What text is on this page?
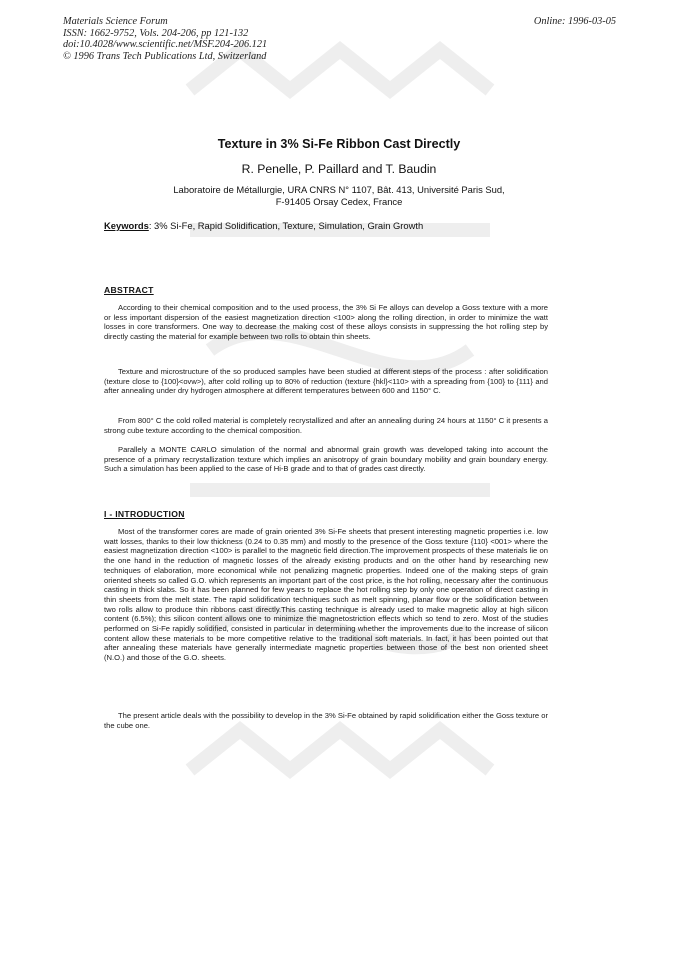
Materials Science Forum
ISSN: 1662-9752, Vols. 204-206, pp 121-132
doi:10.4028/www.scientific.net/MSF.204-206.121
© 1996 Trans Tech Publications Ltd, Switzerland
Online: 1996-03-05
Texture in 3% Si-Fe Ribbon Cast Directly
R. Penelle, P. Paillard and T. Baudin
Laboratoire de Métallurgie, URA CNRS N° 1107, Bât. 413, Université Paris Sud,
F-91405 Orsay Cedex, France
Keywords: 3% Si-Fe, Rapid Solidification, Texture, Simulation, Grain Growth
ABSTRACT
According to their chemical composition and to the used process, the 3% Si Fe alloys can develop a Goss texture with a more or less important dispersion of the easiest magnetization direction <100> along the rolling direction, in order to minimize the watt losses in core transformers. One way to decrease the making cost of these alloys consists in suppressing the hot rolling step by directly casting the material for example between two rolls to obtain thin sheets.
Texture and microstructure of the so produced samples have been studied at different steps of the process : after solidification (texture close to {100}<ovw>), after cold rolling up to 80% of reduction (texture {hkl}<110> with a spreading from {100} to {111} and after annealing under dry hydrogen atmosphere at different temperatures between 600 and 1150° C.
From 800° C the cold rolled material is completely recrystallized and after an annealing during 24 hours at 1150° C it presents a strong cube texture according to the chemical composition.
Parallely a MONTE CARLO simulation of the normal and abnormal grain growth was developed taking into account the presence of a primary recrystallization texture which implies an anisotropy of grain boundary mobility and grain boundary energy. Such a simulation has been applied to the case of Hi-B grade and to that of grades cast directly.
I - INTRODUCTION
Most of the transformer cores are made of grain oriented 3% Si-Fe sheets that present interesting magnetic properties i.e. low watt losses, thanks to their low thickness (0.24 to 0.35 mm) and mostly to the presence of the Goss texture {110} <001> where the easiest magnetization direction <100> is parallel to the magnetic field direction.The improvement prospects of these materials lie on the one hand in the reduction of magnetic losses of the already existing products and on the other hand by researching new techniques of elaboration, more economical while not penalizing magnetic properties. Indeed one of the making steps of grain oriented sheets so called G.O. which represents an important part of the cost price, is the hot rolling, necessary after the continuous casting in thick slabs. So it has been planned for few years to replace the hot rolling step by only one operation of direct casting in thin sheets from the melt state. The rapid solidification techniques such as melt spinning, planar flow or the solidification between two rolls allow to produce thin ribbons cast directly.This casting technique is already used to make magnetic alloy at high silicon content (6.5%); this silicon content allows one to minimize the magnetostriction effects which so tend to zero. Most of the studies performed on Si-Fe rapidly solidified, consisted in particular in determining whether the improvements due to the increase of silicon content allow these materials to be more competitive relative to the traditional soft materials. In fact, it has been pointed out that after annealing these materials have generally intermediate magnetic properties between those of the best non oriented sheet (N.O.) and those of the G.O. sheets.
The present article deals with the possibility to develop in the 3% Si-Fe obtained by rapid solidification either the Goss texture or the cube one.
